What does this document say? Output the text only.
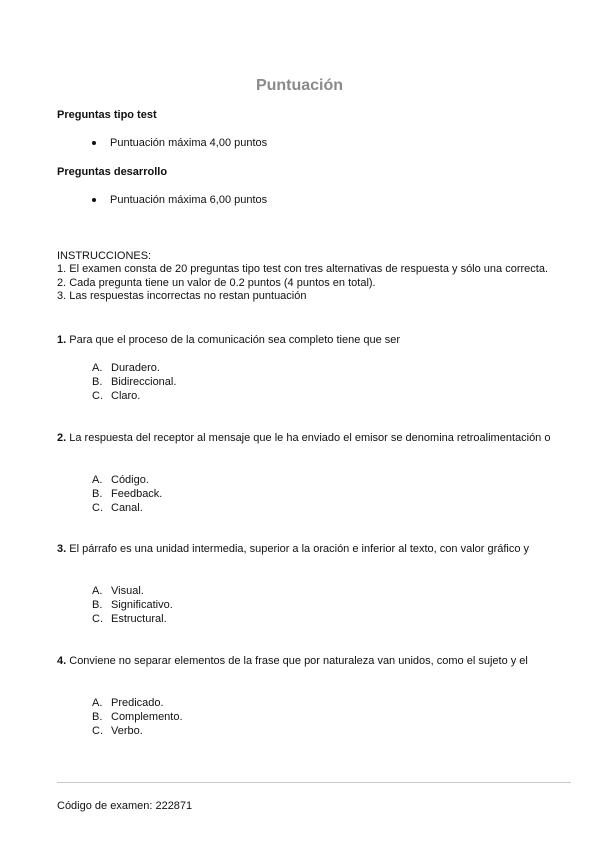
Puntuación
Preguntas tipo test
Puntuación máxima 4,00 puntos
Preguntas desarrollo
Puntuación máxima 6,00 puntos
INSTRUCCIONES:
1. El examen consta de 20 preguntas tipo test con tres alternativas de respuesta y sólo una correcta.
2. Cada pregunta tiene un valor de 0.2 puntos (4 puntos en total).
3. Las respuestas incorrectas no restan puntuación
1. Para que el proceso de la comunicación sea completo tiene que ser
A. Duradero.
B. Bidireccional.
C. Claro.
2. La respuesta del receptor al mensaje que le ha enviado el emisor se denomina retroalimentación o
A. Código.
B. Feedback.
C. Canal.
3. El párrafo es una unidad intermedia, superior a la oración e inferior al texto, con valor gráfico y
A. Visual.
B. Significativo.
C. Estructural.
4. Conviene no separar elementos de la frase que por naturaleza van unidos, como el sujeto y el
A. Predicado.
B. Complemento.
C. Verbo.
Código de examen: 222871
